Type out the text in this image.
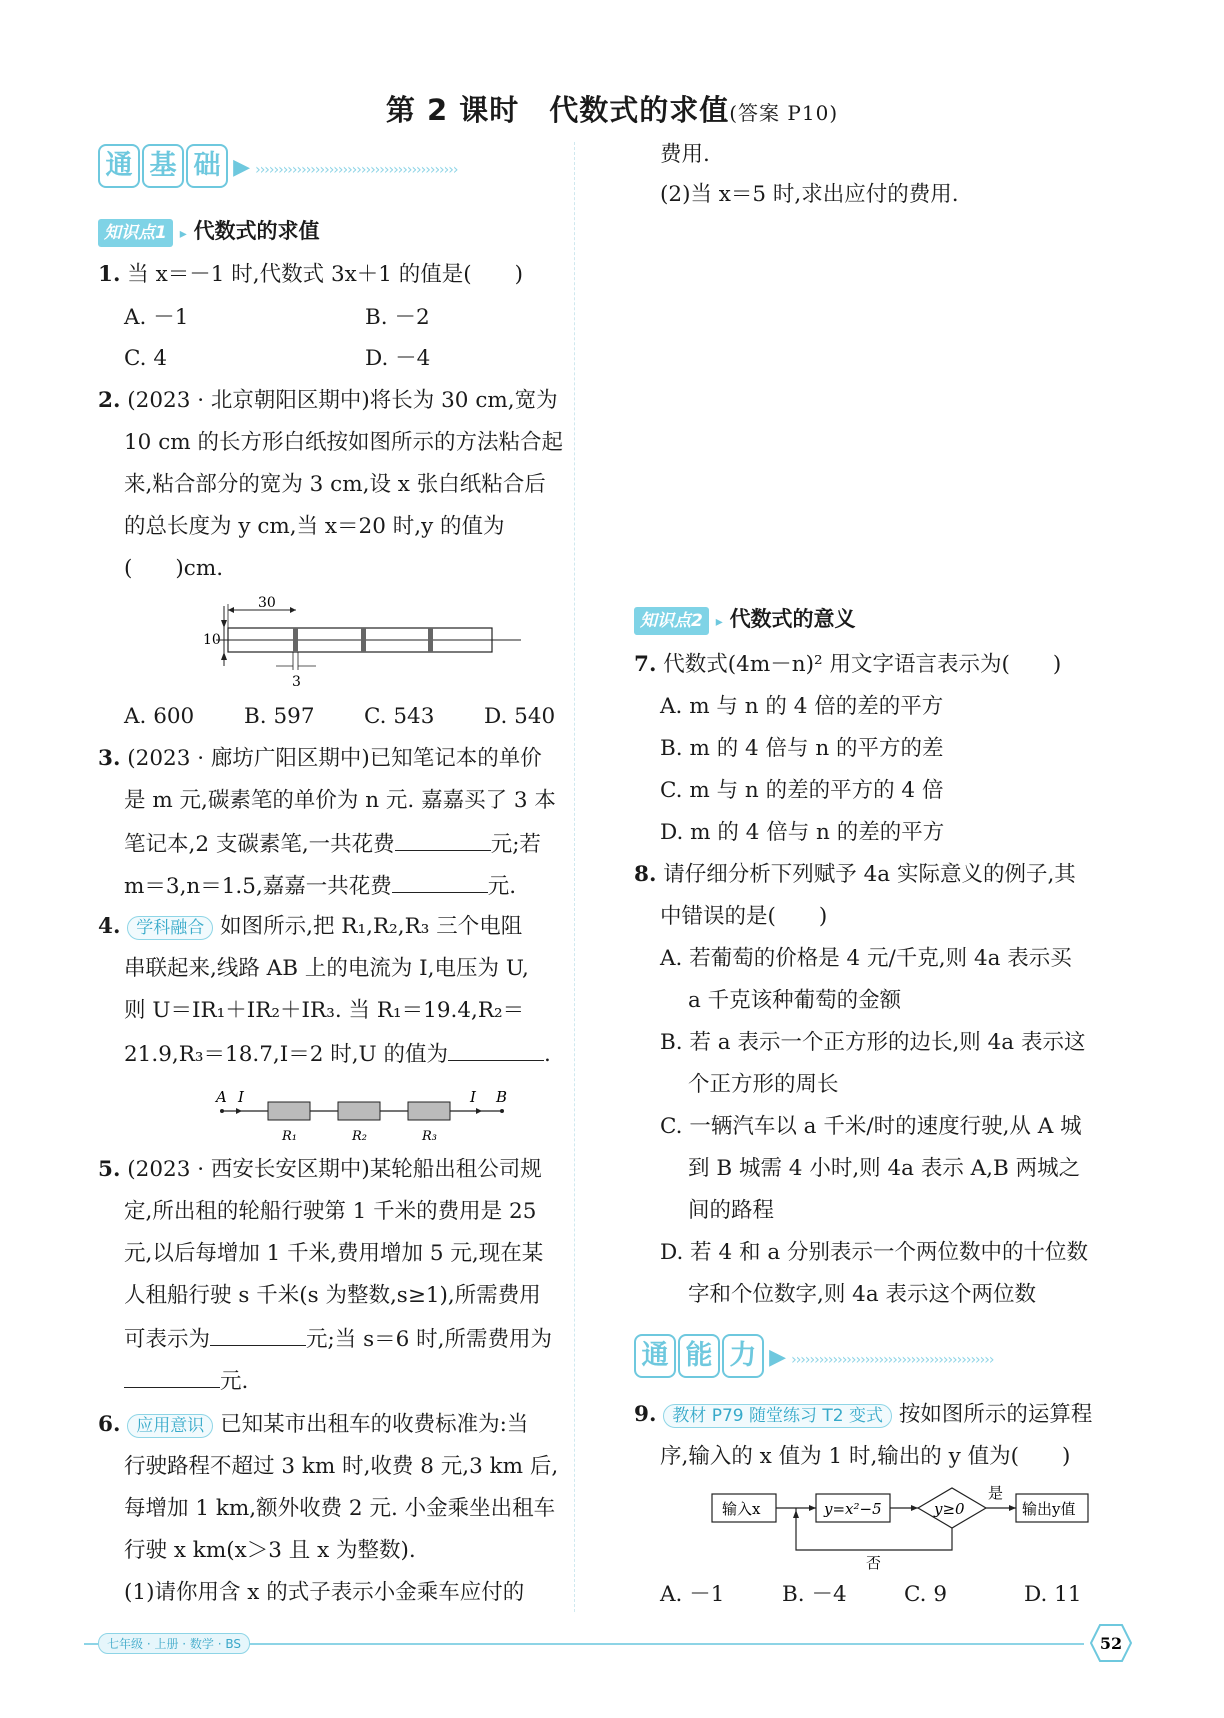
第 2 课时　代数式的求值(答案 P10)
通 基 础 ▶ ››››››››››››››››››››››››››››››››››››››››››››
知识点1 ▸ 代数式的求值
1. 当 x＝－1 时,代数式 3x＋1 的值是(　　)
A. －1	B. －2
C. 4	D. －4
2. (2023 · 北京朝阳区期中)将长为 30 cm,宽为
10 cm 的长方形白纸按如图所示的方法粘合起
来,粘合部分的宽为 3 cm,设 x 张白纸粘合后
的总长度为 y cm,当 x＝20 时,y 的值为
(　　)cm.
30
10
3
A. 600 B. 597 C. 543 D. 540
3. (2023 · 廊坊广阳区期中)已知笔记本的单价
是 m 元,碳素笔的单价为 n 元. 嘉嘉买了 3 本
笔记本,2 支碳素笔,一共花费	元;若
m＝3,n＝1.5,嘉嘉一共花费	元.
4. 学科融合 如图所示,把 R₁,R₂,R₃ 三个电阻
串联起来,线路 AB 上的电流为 I,电压为 U,
则 U＝IR₁＋IR₂＋IR₃. 当 R₁＝19.4,R₂＝
21.9,R₃＝18.7,I＝2 时,U 的值为	.
A I	I B
R₁	R₂	R₃
5. (2023 · 西安长安区期中)某轮船出租公司规
定,所出租的轮船行驶第 1 千米的费用是 25
元,以后每增加 1 千米,费用增加 5 元,现在某
人租船行驶 s 千米(s 为整数,s≥1),所需费用
可表示为	元;当 s＝6 时,所需费用为
元.
6. 应用意识 已知某市出租车的收费标准为:当
行驶路程不超过 3 km 时,收费 8 元,3 km 后,
每增加 1 km,额外收费 2 元. 小金乘坐出租车
行驶 x km(x＞3 且 x 为整数).
(1)请你用含 x 的式子表示小金乘车应付的
费用.
(2)当 x＝5 时,求出应付的费用.
知识点2 ▸ 代数式的意义
7. 代数式(4m－n)² 用文字语言表示为(　　)
A. m 与 n 的 4 倍的差的平方
B. m 的 4 倍与 n 的平方的差
C. m 与 n 的差的平方的 4 倍
D. m 的 4 倍与 n 的差的平方
8. 请仔细分析下列赋予 4a 实际意义的例子,其
中错误的是(　　)
A. 若葡萄的价格是 4 元/千克,则 4a 表示买
a 千克该种葡萄的金额
B. 若 a 表示一个正方形的边长,则 4a 表示这
个正方形的周长
C. 一辆汽车以 a 千米/时的速度行驶,从 A 城
到 B 城需 4 小时,则 4a 表示 A,B 两城之
间的路程
D. 若 4 和 a 分别表示一个两位数中的十位数
字和个位数字,则 4a 表示这个两位数
通 能 力 ▶ ››››››››››››››››››››››››››››››››››››››››››››
9. 教材 P79 随堂练习 T2 变式 按如图所示的运算程
序,输入的 x 值为 1 时,输出的 y 值为(　　)
输入x	y=x²−5	y≥0
是
输出y值
否
A. －1	B. －4	C. 9	D. 11
七年级 · 上册 · 数学 · BS	52
